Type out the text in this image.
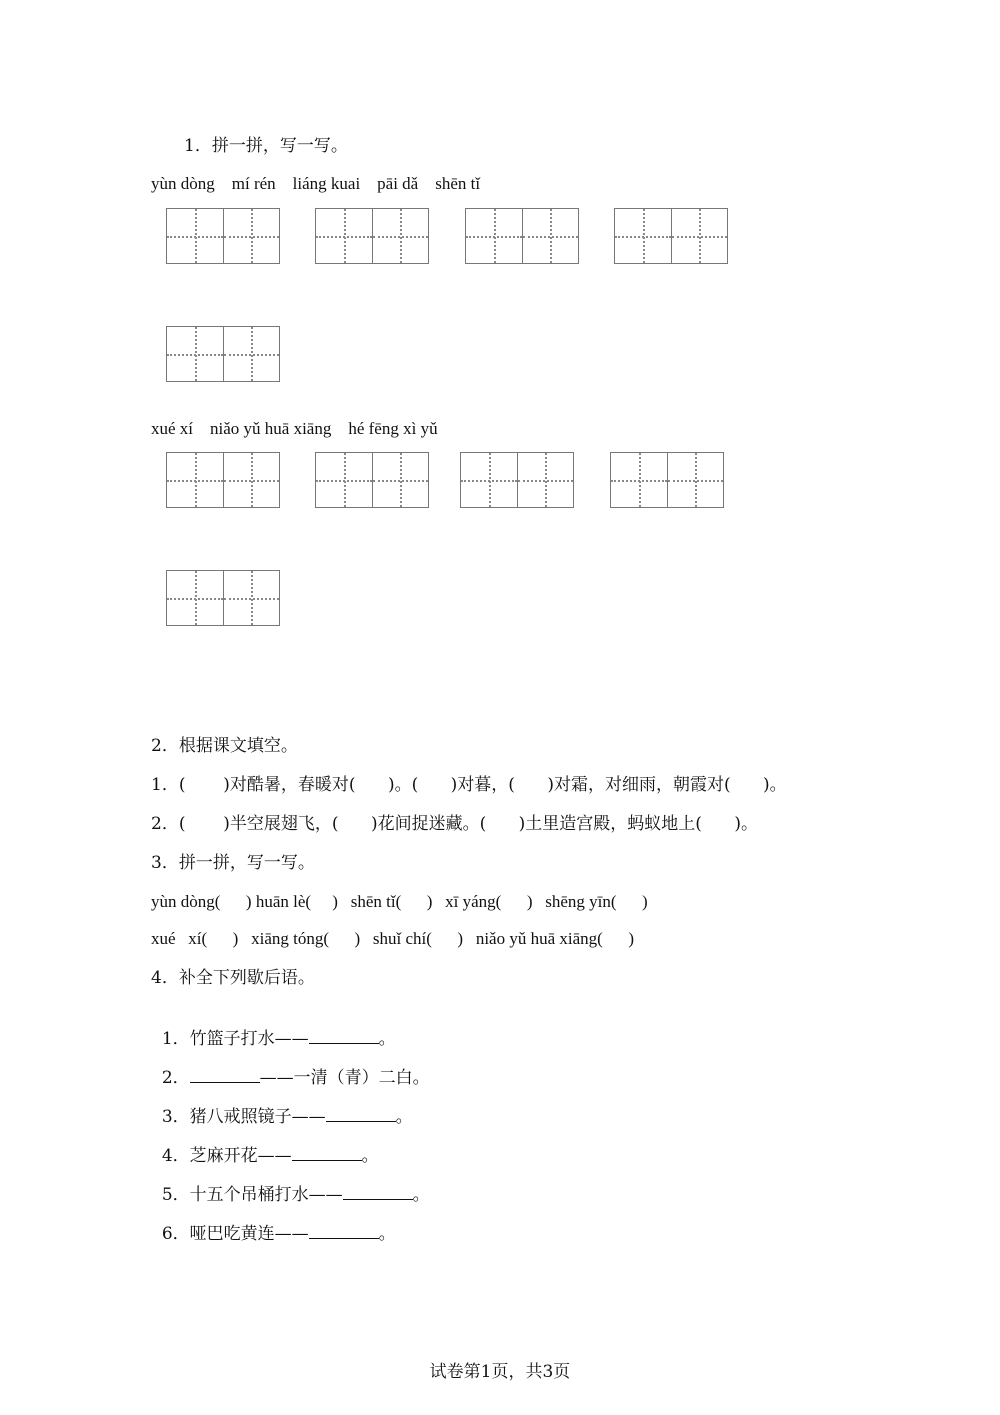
1．拼一拼，写一写。
yùn dòng    mí rén    liáng kuai    pāi dǎ    shēn tǐ
xué xí    niǎo yǔ huā xiāng    hé fēng xì yǔ
2．根据课文填空。
1．(       )对酷暑，春暖对(      )。(      )对暮，(      )对霜，对细雨，朝霞对(      )。
2．(       )半空展翅飞，(      )花间捉迷藏。(      )土里造宫殿，蚂蚁地上(      )。
3．拼一拼，写一写。
yùn dòng(      ) huān lè(     )   shēn tǐ(      )   xī yáng(      )   shēng yīn(      )
xué   xí(      )   xiāng tóng(      )   shuǐ chí(      )   niǎo yǔ huā xiāng(      )
4．补全下列歇后语。

1．竹篮子打水——	。

2．	——一清（青）二白。

3．猪八戒照镜子——	。

4．芝麻开花——	。

5．十五个吊桶打水——	。

6．哑巴吃黄连——	。

试卷第1页，共3页
